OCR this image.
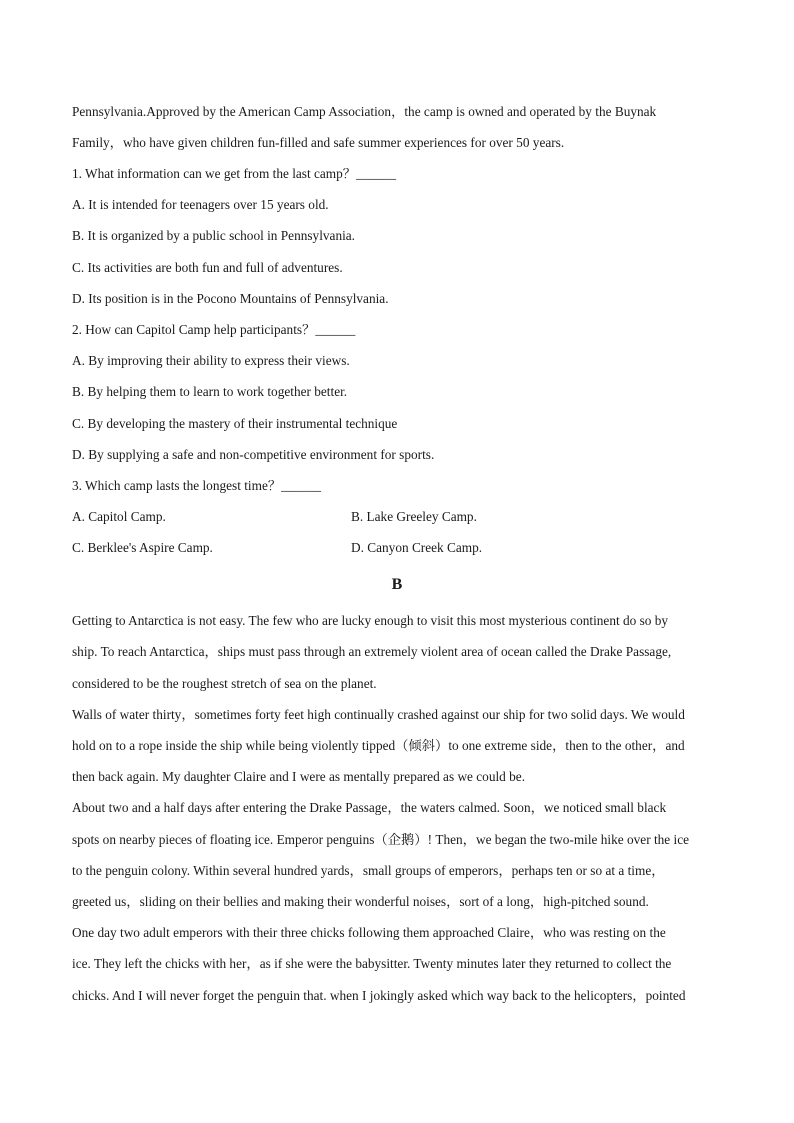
Pennsylvania.Approved by the American Camp Association，the camp is owned and operated by the Buynak
Family，who have given children fun-filled and safe summer experiences for over 50 years.
1. What information can we get from the last camp？______
A. It is intended for teenagers over 15 years old.
B. It is organized by a public school in Pennsylvania.
C. Its activities are both fun and full of adventures.
D. Its position is in the Pocono Mountains of Pennsylvania.
2. How can Capitol Camp help participants？______
A. By improving their ability to express their views.
B. By helping them to learn to work together better.
C. By developing the mastery of their instrumental technique
D. By supplying a safe and non-competitive environment for sports.
3. Which camp lasts the longest time？______
A. Capitol Camp.	B. Lake Greeley Camp.
C. Berklee's Aspire Camp.	D. Canyon Creek Camp.
B
Getting to Antarctica is not easy. The few who are lucky enough to visit this most mysterious continent do so by
ship. To reach Antarctica，ships must pass through an extremely violent area of ocean called the Drake Passage,
considered to be the roughest stretch of sea on the planet.
Walls of water thirty，sometimes forty feet high continually crashed against our ship for two solid days. We would
hold on to a rope inside the ship while being violently tipped（倾斜）to one extreme side，then to the other，and
then back again. My daughter Claire and I were as mentally prepared as we could be.
About two and a half days after entering the Drake Passage，the waters calmed. Soon，we noticed small black
spots on nearby pieces of floating ice. Emperor penguins（企鹅）! Then，we began the two-mile hike over the ice
to the penguin colony. Within several hundred yards，small groups of emperors，perhaps ten or so at a time，
greeted us，sliding on their bellies and making their wonderful noises，sort of a long，high-pitched sound.
One day two adult emperors with their three chicks following them approached Claire，who was resting on the
ice. They left the chicks with her，as if she were the babysitter. Twenty minutes later they returned to collect the
chicks. And I will never forget the penguin that. when I jokingly asked which way back to the helicopters，pointed
